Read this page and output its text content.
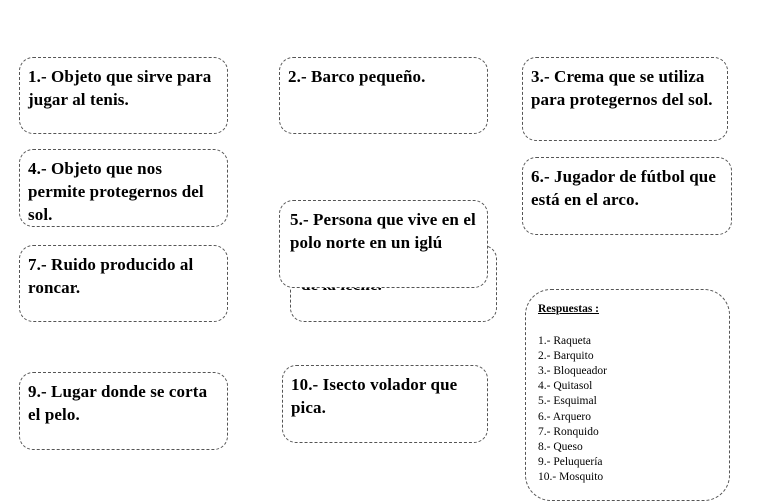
1.- Objeto que sirve para jugar al tenis.
2.- Barco pequeño.	3.- Crema que se utiliza para protegernos del sol.
4.- Objeto que nos permite protegernos del sol.
6.- Jugador de fútbol que está en el arco.
7.- Ruido producido al roncar.
5.- Persona que vive en el polo norte en un iglú
9.- Lugar donde se corta el pelo.
10.- Isecto volador que pica.
Respuestas :
1.- Raqueta
2.- Barquito
3.- Bloqueador
4.- Quitasol
5.- Esquimal
6.- Arquero
7.- Ronquido
8.- Queso
9.- Peluquería
10.- Mosquito
